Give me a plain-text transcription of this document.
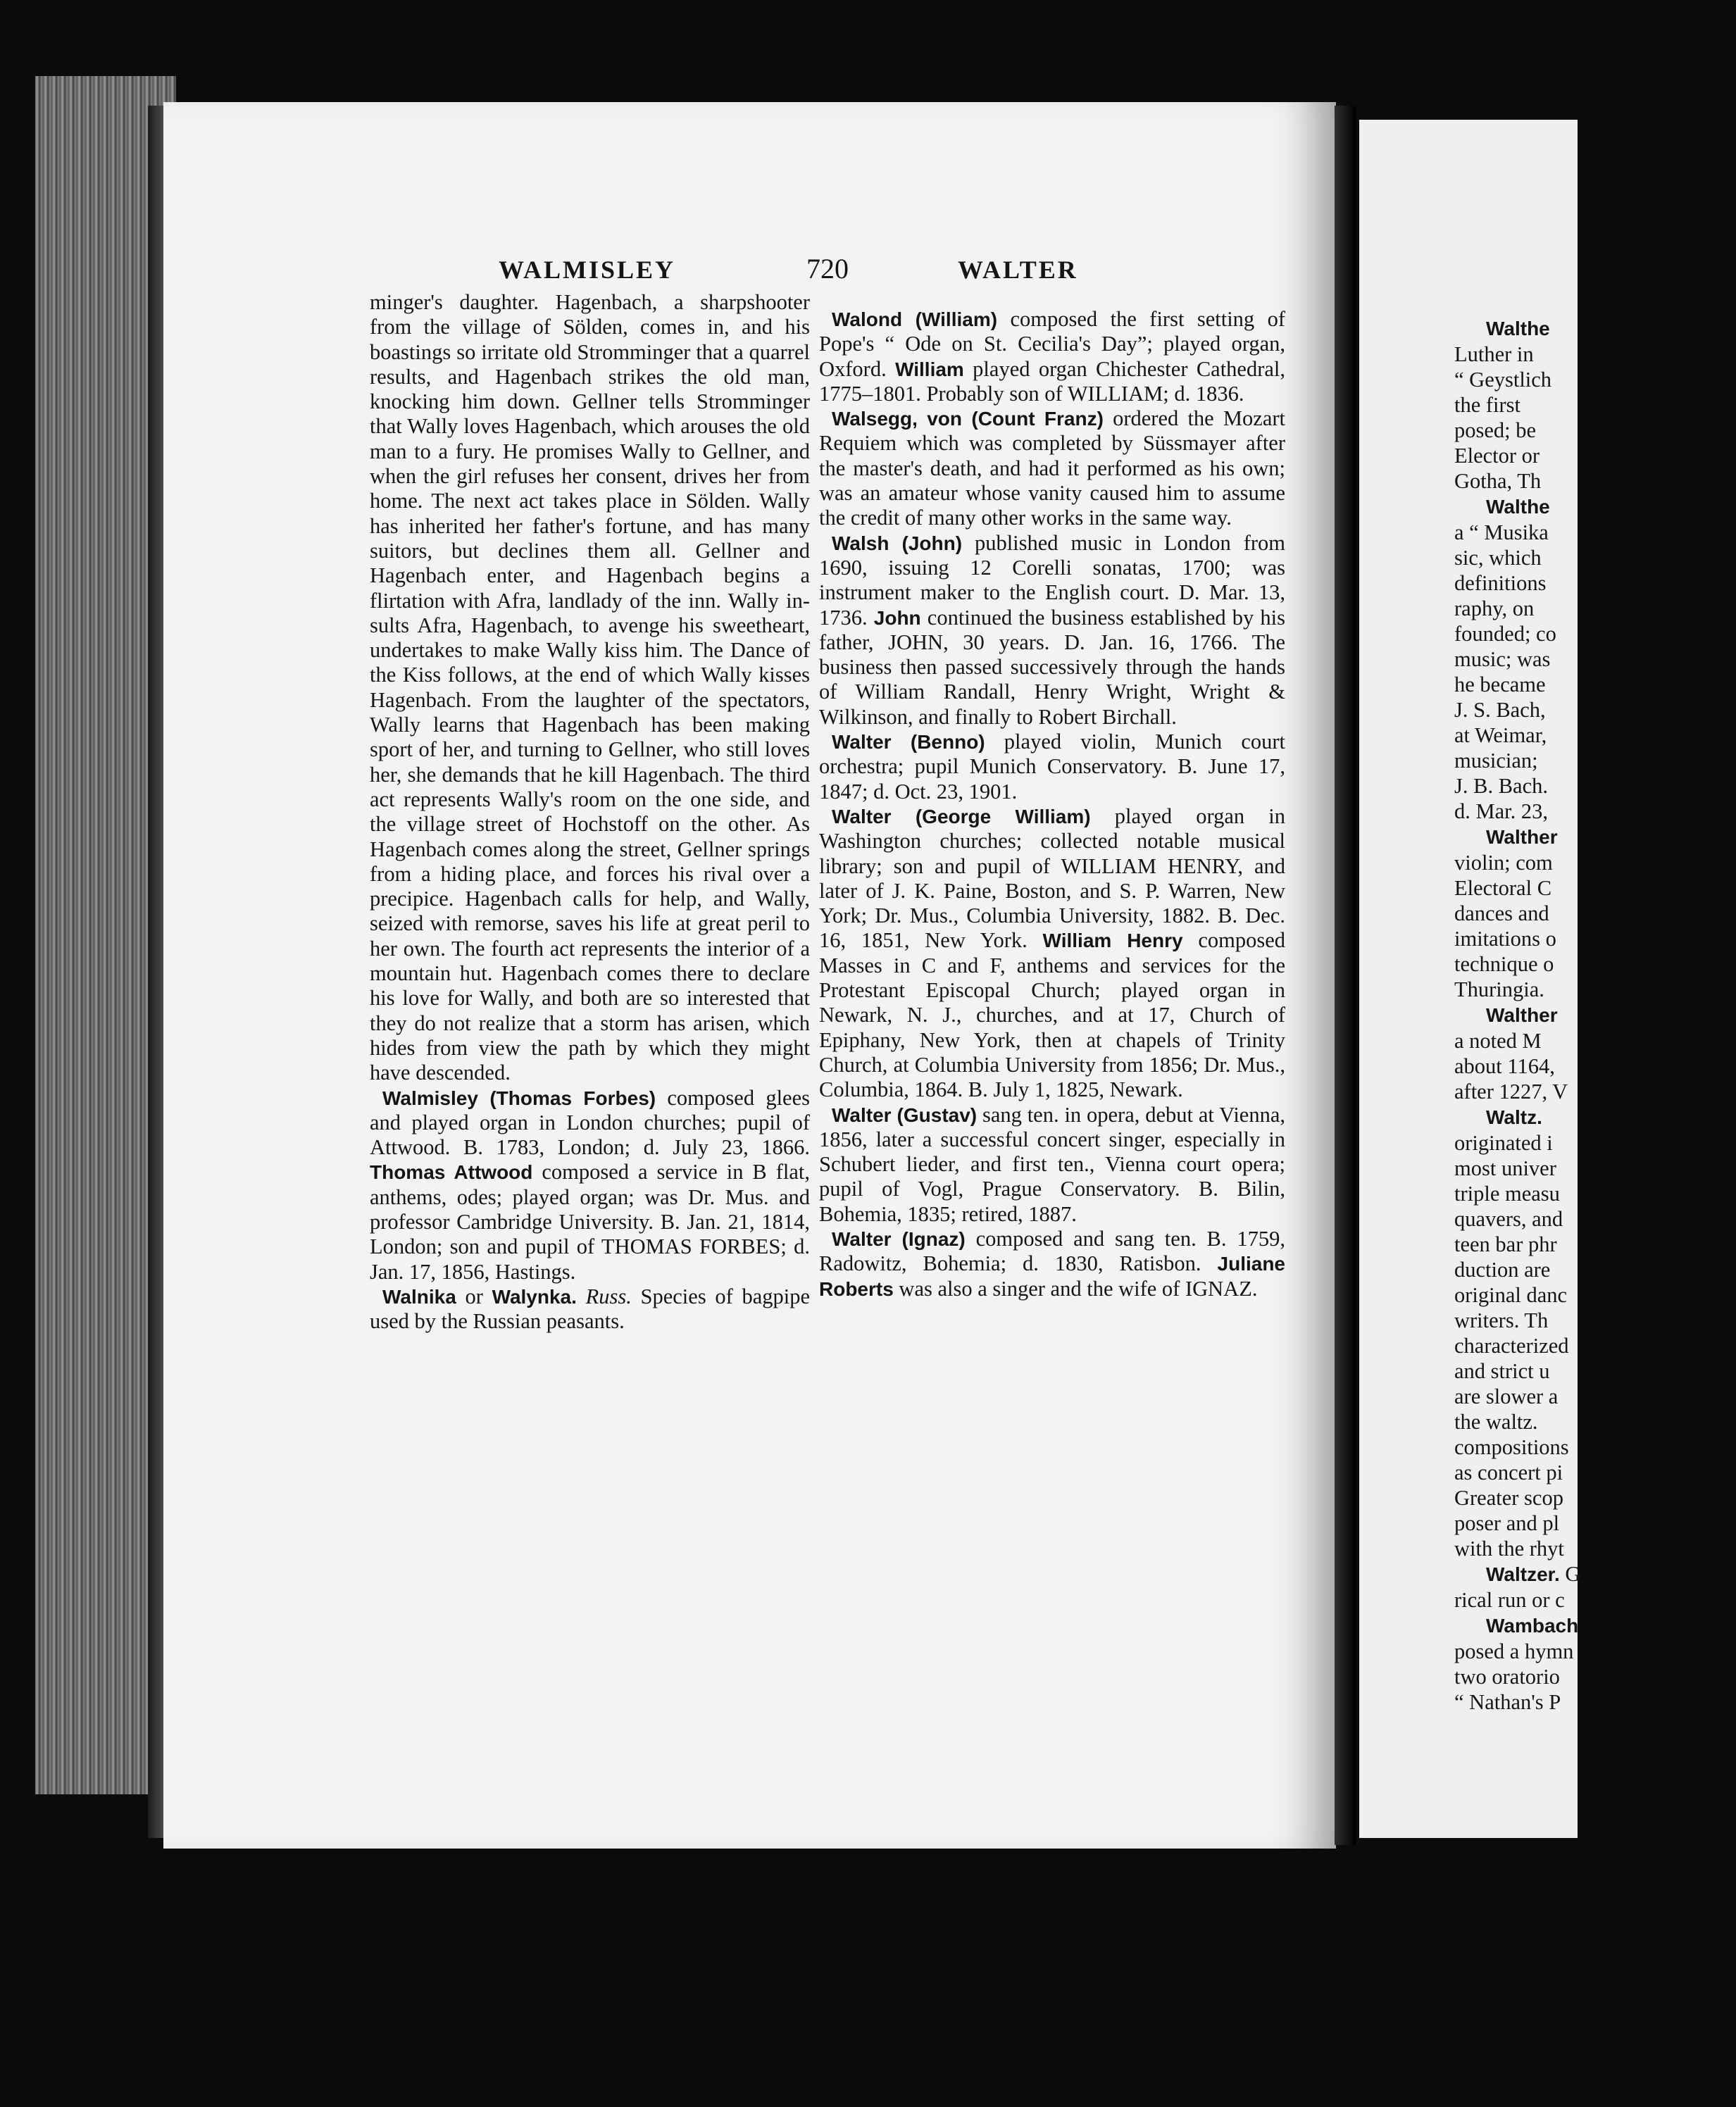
WALMISLEY	720	WALTER

minger's daughter. Hagenbach, a sharpshooter from the village of Sölden, comes in, and his boastings so irritate old Stromminger that a quarrel results, and Hagenbach strikes the old man, knocking him down. Gellner tells Stromminger that Wally loves Hagenbach, which arouses the old man to a fury. He promises Wally to Gellner, and when the girl refuses her consent, drives her from home. The next act takes place in Sölden. Wally has inherited her father's fortune, and has many suitors, but declines them all. Gellner and Hagenbach enter, and Hagenbach begins a flirtation with Afra, landlady of the inn. Wally insults Afra, Hagenbach, to avenge his sweetheart, undertakes to make Wally kiss him. The Dance of the Kiss follows, at the end of which Wally kisses Hagenbach. From the laughter of the spectators, Wally learns that Hagenbach has been making sport of her, and turning to Gellner, who still loves her, she demands that he kill Hagenbach. The third act represents Wally's room on the one side, and the village street of Hochstoff on the other. As Hagenbach comes along the street, Gellner springs from a hiding place, and forces his rival over a precipice. Hagenbach calls for help, and Wally, seized with remorse, saves his life at great peril to her own. The fourth act represents the interior of a mountain hut. Hagenbach comes there to declare his love for Wally, and both are so interested that they do not realize that a storm has arisen, which hides from view the path by which they might have descended.

Walmisley (Thomas Forbes) composed glees and played organ in London churches; pupil of Attwood. B. 1783, London; d. July 23, 1866. Thomas Attwood composed a service in B flat, anthems, odes; played organ; was Dr. Mus. and professor Cambridge University. B. Jan. 21, 1814, London; son and pupil of THOMAS FORBES; d. Jan. 17, 1856, Hastings.

Walnika or Walynka. Russ. Species of bagpipe used by the Russian peasants.

Walond (William) composed the first setting of Pope's “ Ode on St. Cecilia's Day”; played organ, Oxford. William played organ Chichester Cathedral, 1775–1801. Probably son of WILLIAM; d. 1836.

Walsegg, von (Count Franz) ordered the Mozart Requiem which was completed by Süssmayer after the master's death, and had it performed as his own; was an amateur whose vanity caused him to assume the credit of many other works in the same way.

Walsh (John) published music in London from 1690, issuing 12 Corelli sonatas, 1700; was instrument maker to the English court. D. Mar. 13, 1736. John continued the business established by his father, JOHN, 30 years. D. Jan. 16, 1766. The business then passed successively through the hands of William Randall, Henry Wright, Wright & Wilkinson, and finally to Robert Birchall.

Walter (Benno) played violin, Munich court orchestra; pupil Munich Conservatory. B. June 17, 1847; d. Oct. 23, 1901.

Walter (George William) played organ in Washington churches; collected notable musical library; son and pupil of WILLIAM HENRY, and later of J. K. Paine, Boston, and S. P. Warren, New York; Dr. Mus., Columbia University, 1882. B. Dec. 16, 1851, New York. William Henry composed Masses in C and F, anthems and services for the Protestant Episcopal Church; played organ in Newark, N. J., churches, and at 17, Church of Epiphany, New York, then at chapels of Trinity Church, at Columbia University from 1856; Dr. Mus., Columbia, 1864. B. July 1, 1825, Newark.

Walter (Gustav) sang ten. in opera, debut at Vienna, 1856, later a successful concert singer, especially in Schubert lieder, and first ten., Vienna court opera; pupil of Vogl, Prague Conservatory. B. Bilin, Bohemia, 1835; retired, 1887.

Walter (Ignaz) composed and sang ten. B. 1759, Radowitz, Bohemia; d. 1830, Ratisbon. Juliane Roberts was also a singer and the wife of IGNAZ.

Walthe
Luther in
“ Geystlich
the first
posed; be
Elector or
Gotha, Th
Walthe
a “ Musika
sic, which
definitions
raphy, on
founded; co
music; was
he became
J. S. Bach,
at Weimar,
musician;
J. B. Bach.
d. Mar. 23,
Walther
violin; com
Electoral C
dances and
imitations o
technique o
Thuringia.
Walther
a noted M
about 1164,
after 1227, V
Waltz.
originated i
most univer
triple measu
quavers, and
teen bar phr
duction are
original danc
writers. Th
characterized
and strict u
are slower a
the waltz.
compositions
as concert pi
Greater scop
poser and pl
with the rhyt
Waltzer. G
rical run or c
Wambach
posed a hymn
two oratorio
“ Nathan's P
